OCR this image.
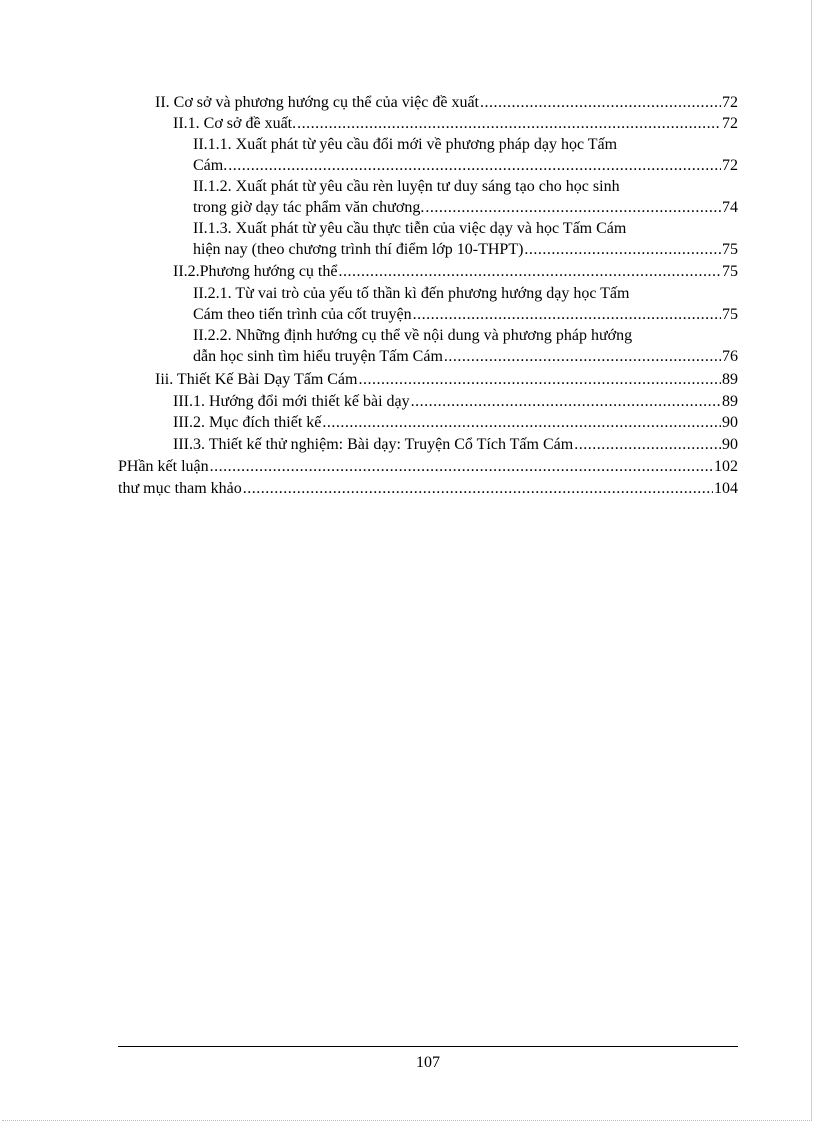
II. Cơ sở và phương hướng cụ thể của việc đề xuất .....	72
II.1. Cơ sở đề xuất. .....	72
II.1.1. Xuất phát từ yêu cầu đổi mới về phương pháp dạy học Tấm
Cám. .....	72
II.1.2. Xuất phát từ yêu cầu rèn luyện tư duy sáng tạo cho học sinh
trong giờ dạy tác phẩm văn chương. .....	74
II.1.3. Xuất phát từ yêu cầu thực tiễn của việc dạy và học Tấm Cám
hiện nay (theo chương trình thí điểm lớp 10-THPT) .....	75
II.2.Phương hướng cụ thể .....	75
II.2.1. Từ vai trò của yếu tố thần kì đến phương hướng dạy học Tấm
Cám theo tiến trình của cốt truyện .....	75
II.2.2. Những định hướng cụ thể về nội dung và phương pháp hướng
dẫn học sinh tìm hiểu truyện Tấm Cám .....	76
Iii. Thiết Kế Bài Dạy Tấm Cám .....	89
III.1. Hướng đổi mới thiết kế bài dạy .....	89
III.2. Mục đích thiết kế .....	90
III.3. Thiết kế thử nghiệm: Bài dạy: Truyện Cổ Tích Tấm Cám .....	90
PHần kết luận .....	102
thư mục tham khảo .....	104
107
